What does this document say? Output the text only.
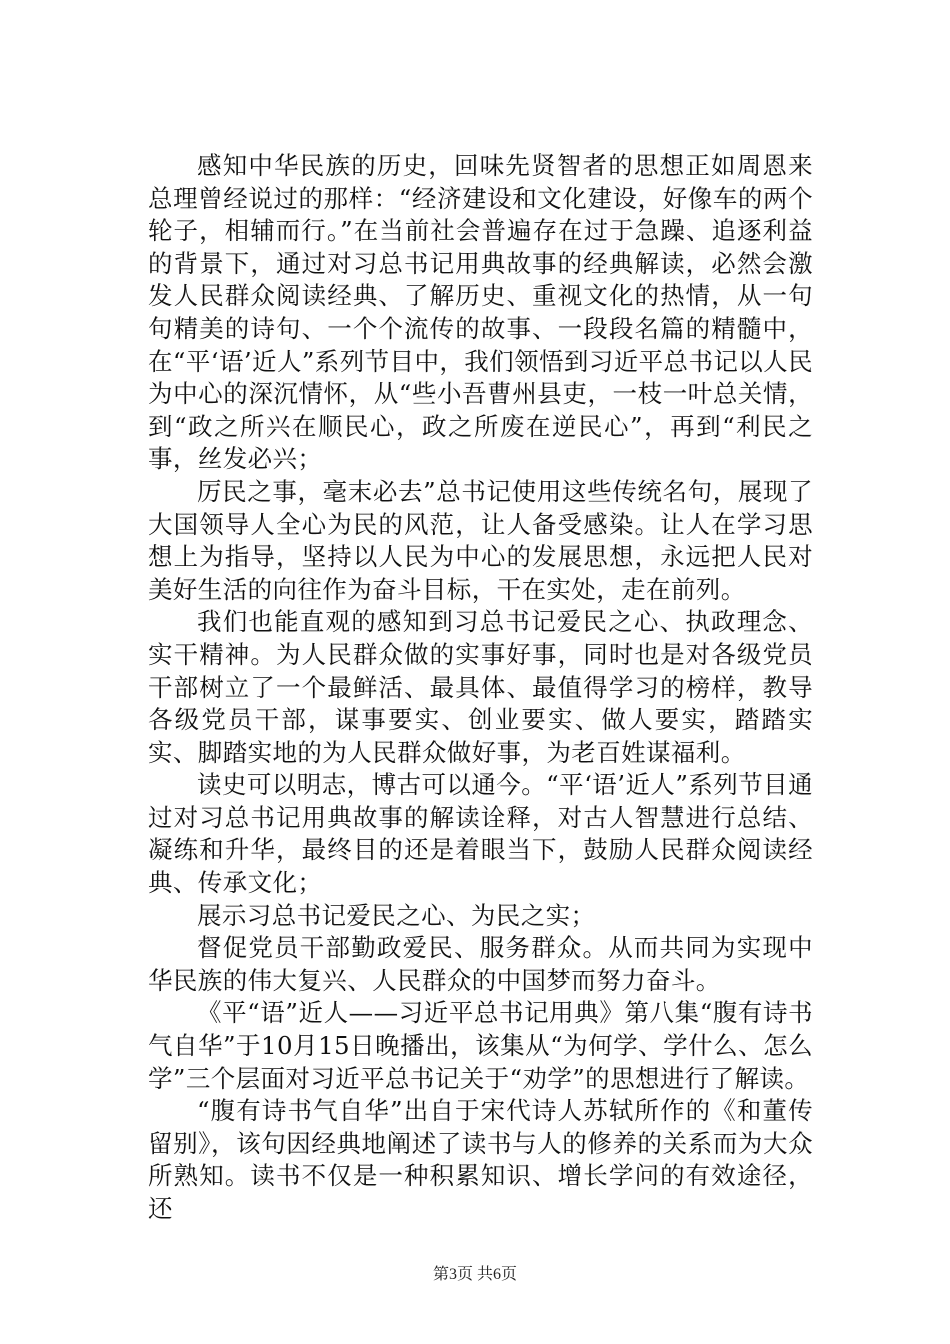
感知中华民族的历史，回味先贤智者的思想正如周恩来总理曾经说过的那样：“经济建设和文化建设，好像车的两个轮子，相辅而行。”在当前社会普遍存在过于急躁、追逐利益的背景下，通过对习总书记用典故事的经典解读，必然会激发人民群众阅读经典、了解历史、重视文化的热情，从一句句精美的诗句、一个个流传的故事、一段段名篇的精髓中，在“平‘语’近人”系列节目中，我们领悟到习近平总书记以人民为中心的深沉情怀，从“些小吾曹州县吏，一枝一叶总关情，到“政之所兴在顺民心，政之所废在逆民心”，再到“利民之事，丝发必兴；

厉民之事，毫末必去”总书记使用这些传统名句，展现了大国领导人全心为民的风范，让人备受感染。让人在学习思想上为指导，坚持以人民为中心的发展思想，永远把人民对美好生活的向往作为奋斗目标，干在实处，走在前列。

我们也能直观的感知到习总书记爱民之心、执政理念、实干精神。为人民群众做的实事好事，同时也是对各级党员干部树立了一个最鲜活、最具体、最值得学习的榜样，教导各级党员干部，谋事要实、创业要实、做人要实，踏踏实实、脚踏实地的为人民群众做好事，为老百姓谋福利。

读史可以明志，博古可以通今。“平‘语’近人”系列节目通过对习总书记用典故事的解读诠释，对古人智慧进行总结、凝练和升华，最终目的还是着眼当下，鼓励人民群众阅读经典、传承文化；

展示习总书记爱民之心、为民之实；

督促党员干部勤政爱民、服务群众。从而共同为实现中华民族的伟大复兴、人民群众的中国梦而努力奋斗。

《平“语”近人——习近平总书记用典》第八集“腹有诗书气自华”于10月15日晚播出，该集从“为何学、学什么、怎么学”三个层面对习近平总书记关于“劝学”的思想进行了解读。

“腹有诗书气自华”出自于宋代诗人苏轼所作的《和董传留别》，该句因经典地阐述了读书与人的修养的关系而为大众所熟知。读书不仅是一种积累知识、增长学问的有效途径，还

第3页 共6页
